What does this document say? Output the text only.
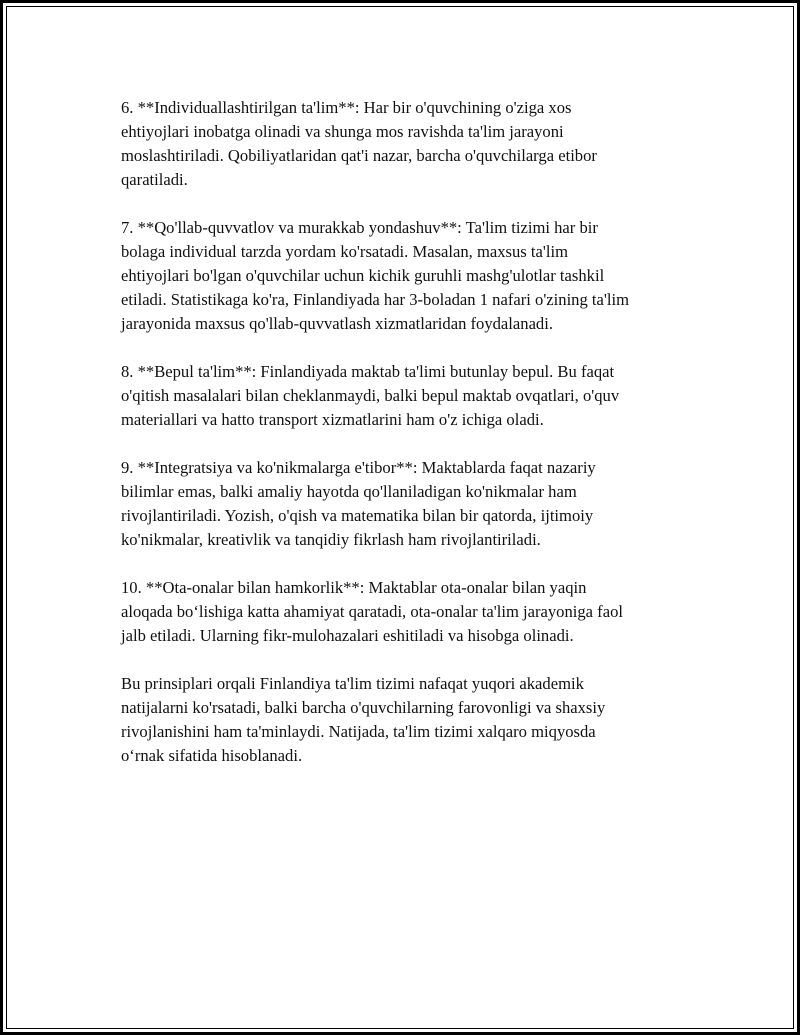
6. **Individuallashtirilgan ta'lim**: Har bir o'quvchining o'ziga xos
ehtiyojlari inobatga olinadi va shunga mos ravishda ta'lim jarayoni
moslashtiriladi. Qobiliyatlaridan qat'i nazar, barcha o'quvchilarga etibor
qaratiladi.

7. **Qo'llab-quvvatlov va murakkab yondashuv**: Ta'lim tizimi har bir
bolaga individual tarzda yordam ko'rsatadi. Masalan, maxsus ta'lim
ehtiyojlari bo'lgan o'quvchilar uchun kichik guruhli mashg'ulotlar tashkil
etiladi. Statistikaga ko'ra, Finlandiyada har 3-boladan 1 nafari o'zining ta'lim
jarayonida maxsus qo'llab-quvvatlash xizmatlaridan foydalanadi.

8. **Bepul ta'lim**: Finlandiyada maktab ta'limi butunlay bepul. Bu faqat
o'qitish masalalari bilan cheklanmaydi, balki bepul maktab ovqatlari, o'quv
materiallari va hatto transport xizmatlarini ham o'z ichiga oladi.

9. **Integratsiya va ko'nikmalarga e'tibor**: Maktablarda faqat nazariy
bilimlar emas, balki amaliy hayotda qo'llaniladigan ko'nikmalar ham
rivojlantiriladi. Yozish, o'qish va matematika bilan bir qatorda, ijtimoiy
ko'nikmalar, kreativlik va tanqidiy fikrlash ham rivojlantiriladi.

10. **Ota-onalar bilan hamkorlik**: Maktablar ota-onalar bilan yaqin
aloqada boʻlishiga katta ahamiyat qaratadi, ota-onalar ta'lim jarayoniga faol
jalb etiladi. Ularning fikr-mulohazalari eshitiladi va hisobga olinadi.

Bu prinsiplari orqali Finlandiya ta'lim tizimi nafaqat yuqori akademik
natijalarni ko'rsatadi, balki barcha o'quvchilarning farovonligi va shaxsiy
rivojlanishini ham ta'minlaydi. Natijada, ta'lim tizimi xalqaro miqyosda
oʻrnak sifatida hisoblanadi.
